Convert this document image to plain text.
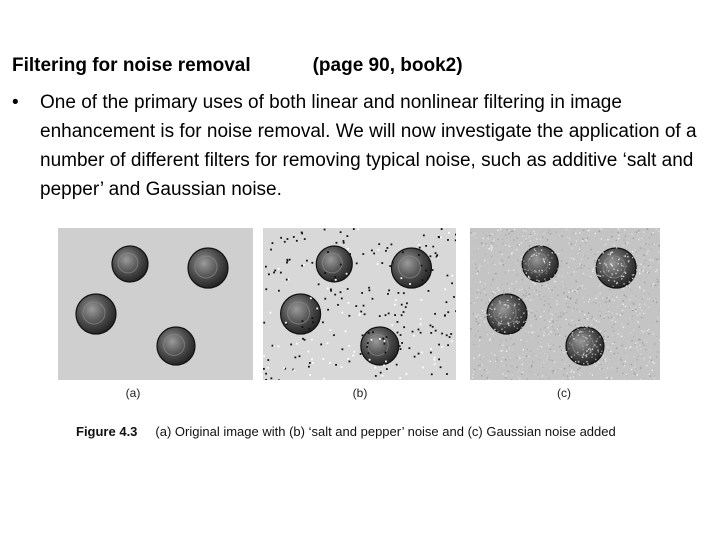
Filtering for noise removal	(page 90, book2)
• One of the primary uses of both linear and nonlinear filtering in image enhancement is for noise removal. We will now investigate the application of a number of different filters for removing typical noise, such as additive ‘salt and pepper’ and Gaussian noise.
(a)	(b)	(c)
Figure 4.3 (a) Original image with (b) ‘salt and pepper’ noise and (c) Gaussian noise added
